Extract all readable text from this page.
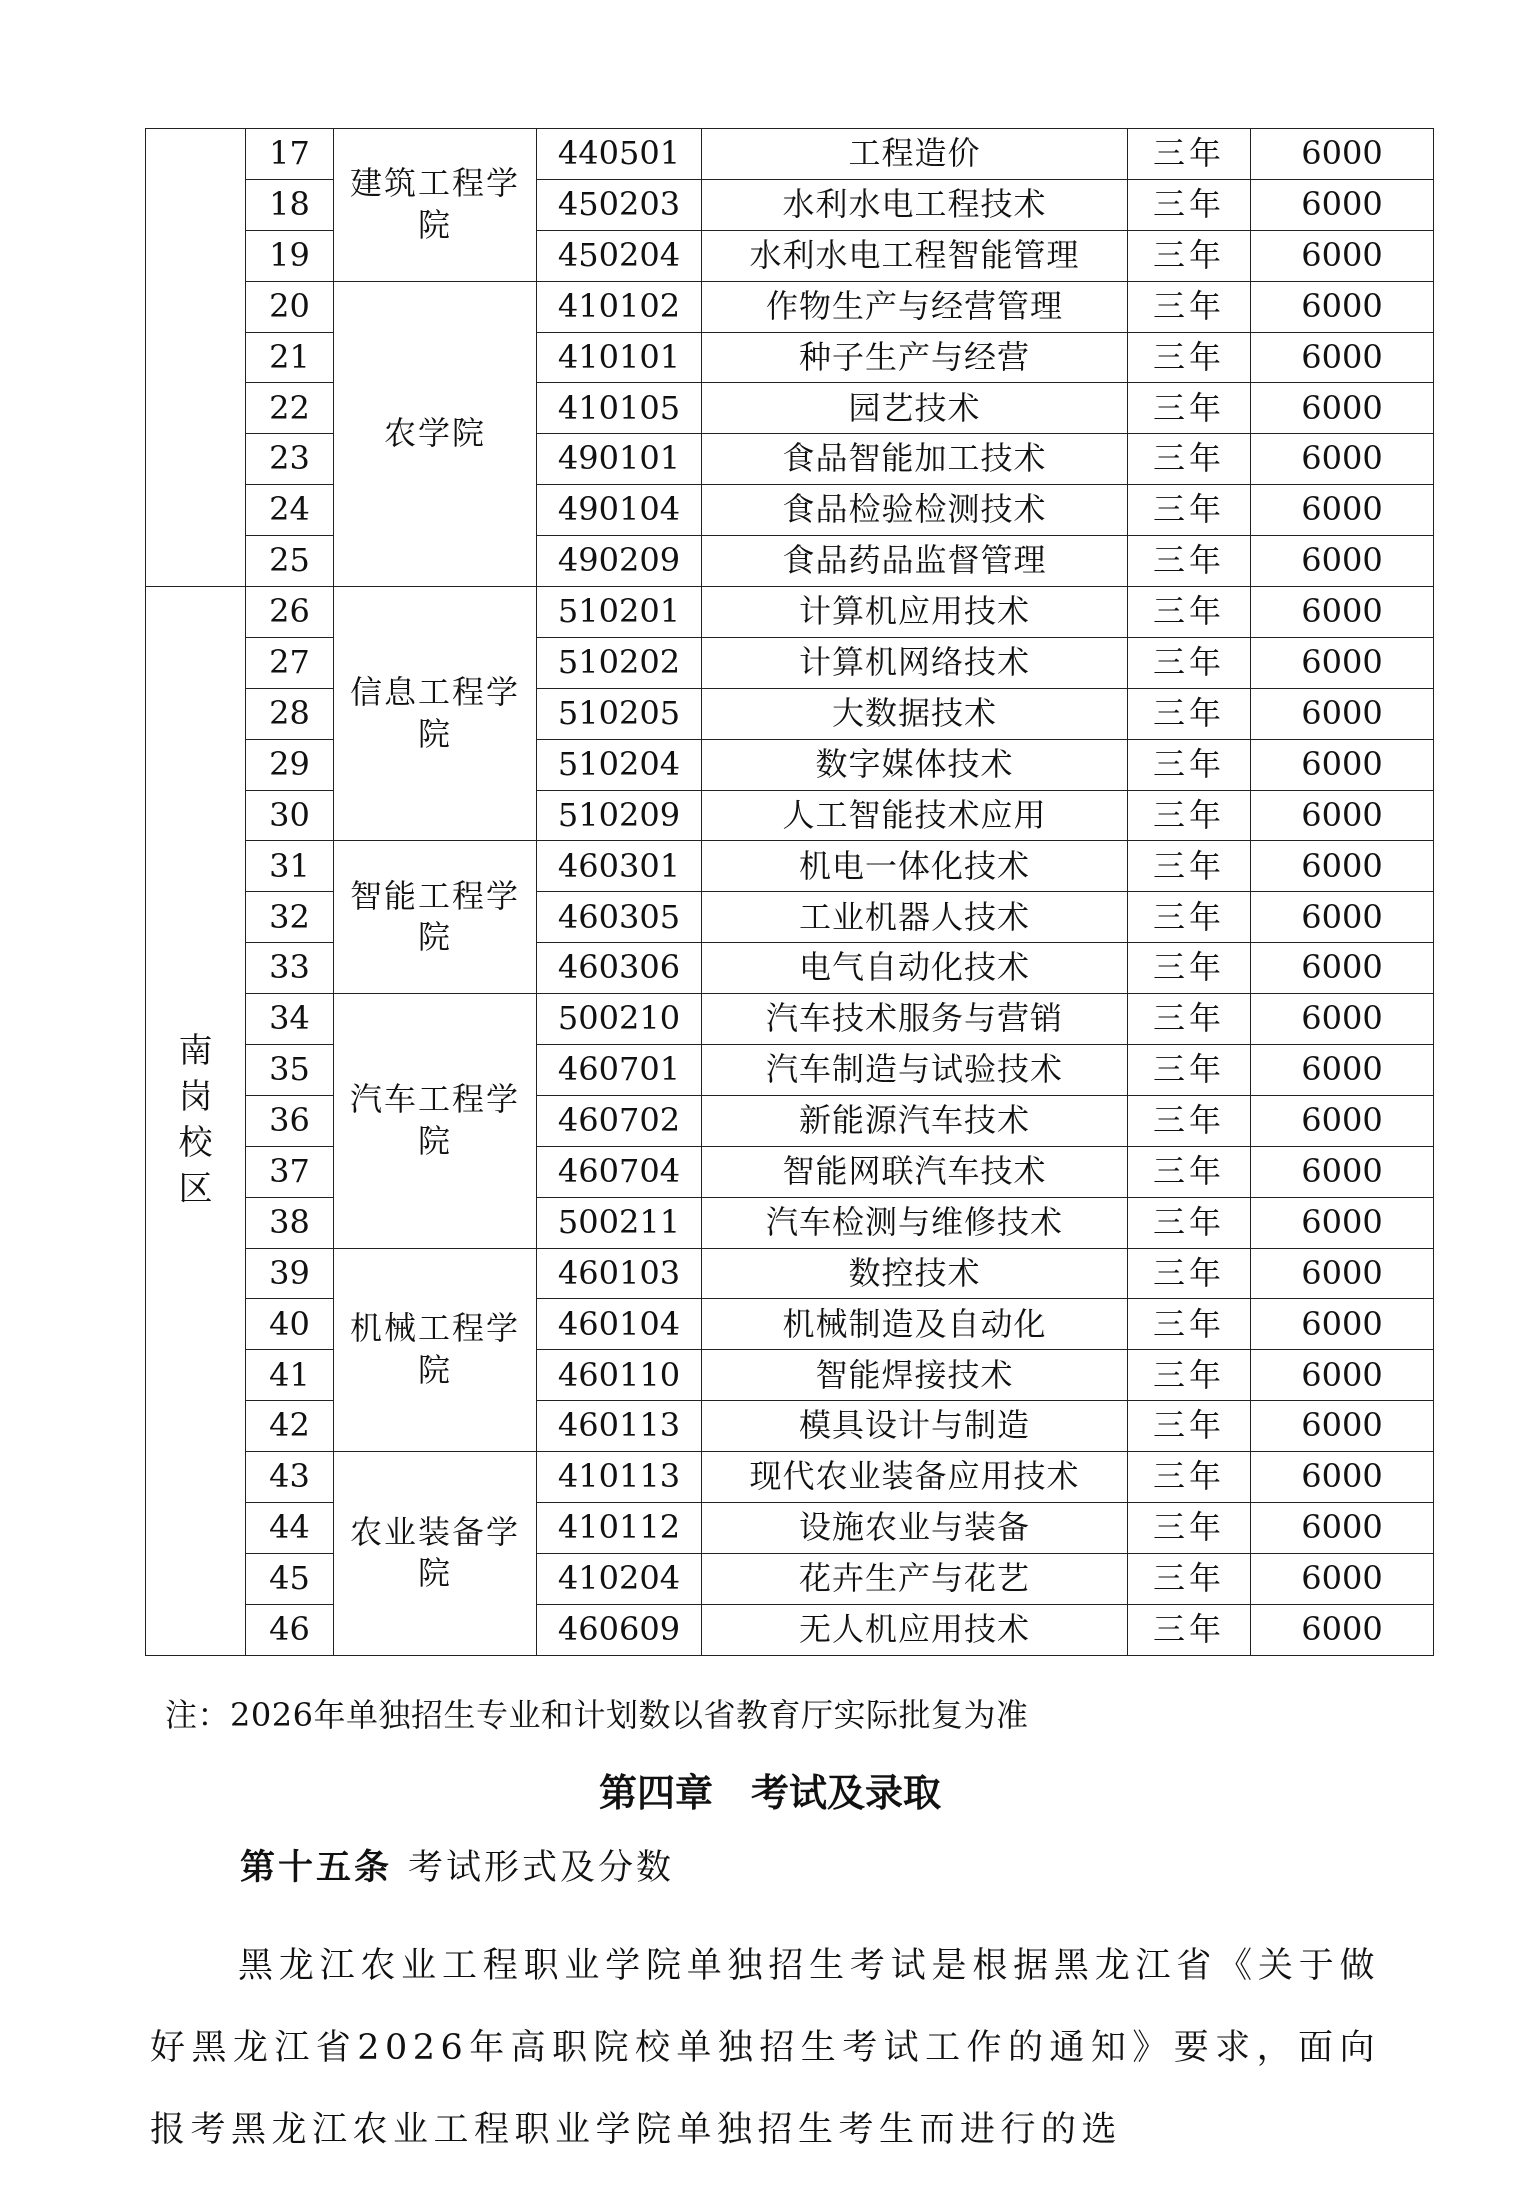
	17	建筑工程学院	440501	工程造价	三年	6000
	18		450203	水利水电工程技术	三年	6000
	19		450204	水利水电工程智能管理	三年	6000
	20	农学院	410102	作物生产与经营管理	三年	6000
	21		410101	种子生产与经营	三年	6000
	22		410105	园艺技术	三年	6000
	23		490101	食品智能加工技术	三年	6000
	24		490104	食品检验检测技术	三年	6000
	25		490209	食品药品监督管理	三年	6000

南岗校区	26	信息工程学院	510201	计算机应用技术	三年	6000
	27		510202	计算机网络技术	三年	6000
	28		510205	大数据技术	三年	6000
	29		510204	数字媒体技术	三年	6000
	30		510209	人工智能技术应用	三年	6000
	31	智能工程学院	460301	机电一体化技术	三年	6000
	32		460305	工业机器人技术	三年	6000
	33		460306	电气自动化技术	三年	6000
	34	汽车工程学院	500210	汽车技术服务与营销	三年	6000
	35		460701	汽车制造与试验技术	三年	6000
	36		460702	新能源汽车技术	三年	6000
	37		460704	智能网联汽车技术	三年	6000
	38		500211	汽车检测与维修技术	三年	6000
	39	机械工程学院	460103	数控技术	三年	6000
	40		460104	机械制造及自动化	三年	6000
	41		460110	智能焊接技术	三年	6000
	42		460113	模具设计与制造	三年	6000
	43	农业装备学院	410113	现代农业装备应用技术	三年	6000
	44		410112	设施农业与装备	三年	6000
	45		410204	花卉生产与花艺	三年	6000
	46		460609	无人机应用技术	三年	6000
注：2026年单独招生专业和计划数以省教育厅实际批复为准
第四章　考试及录取
第十五条 考试形式及分数
黑龙江农业工程职业学院单独招生考试是根据黑龙江省《关于做好黑龙江省2026年高职院校单独招生考试工作的通知》要求，面向报考黑龙江农业工程职业学院单独招生考生而进行的选
